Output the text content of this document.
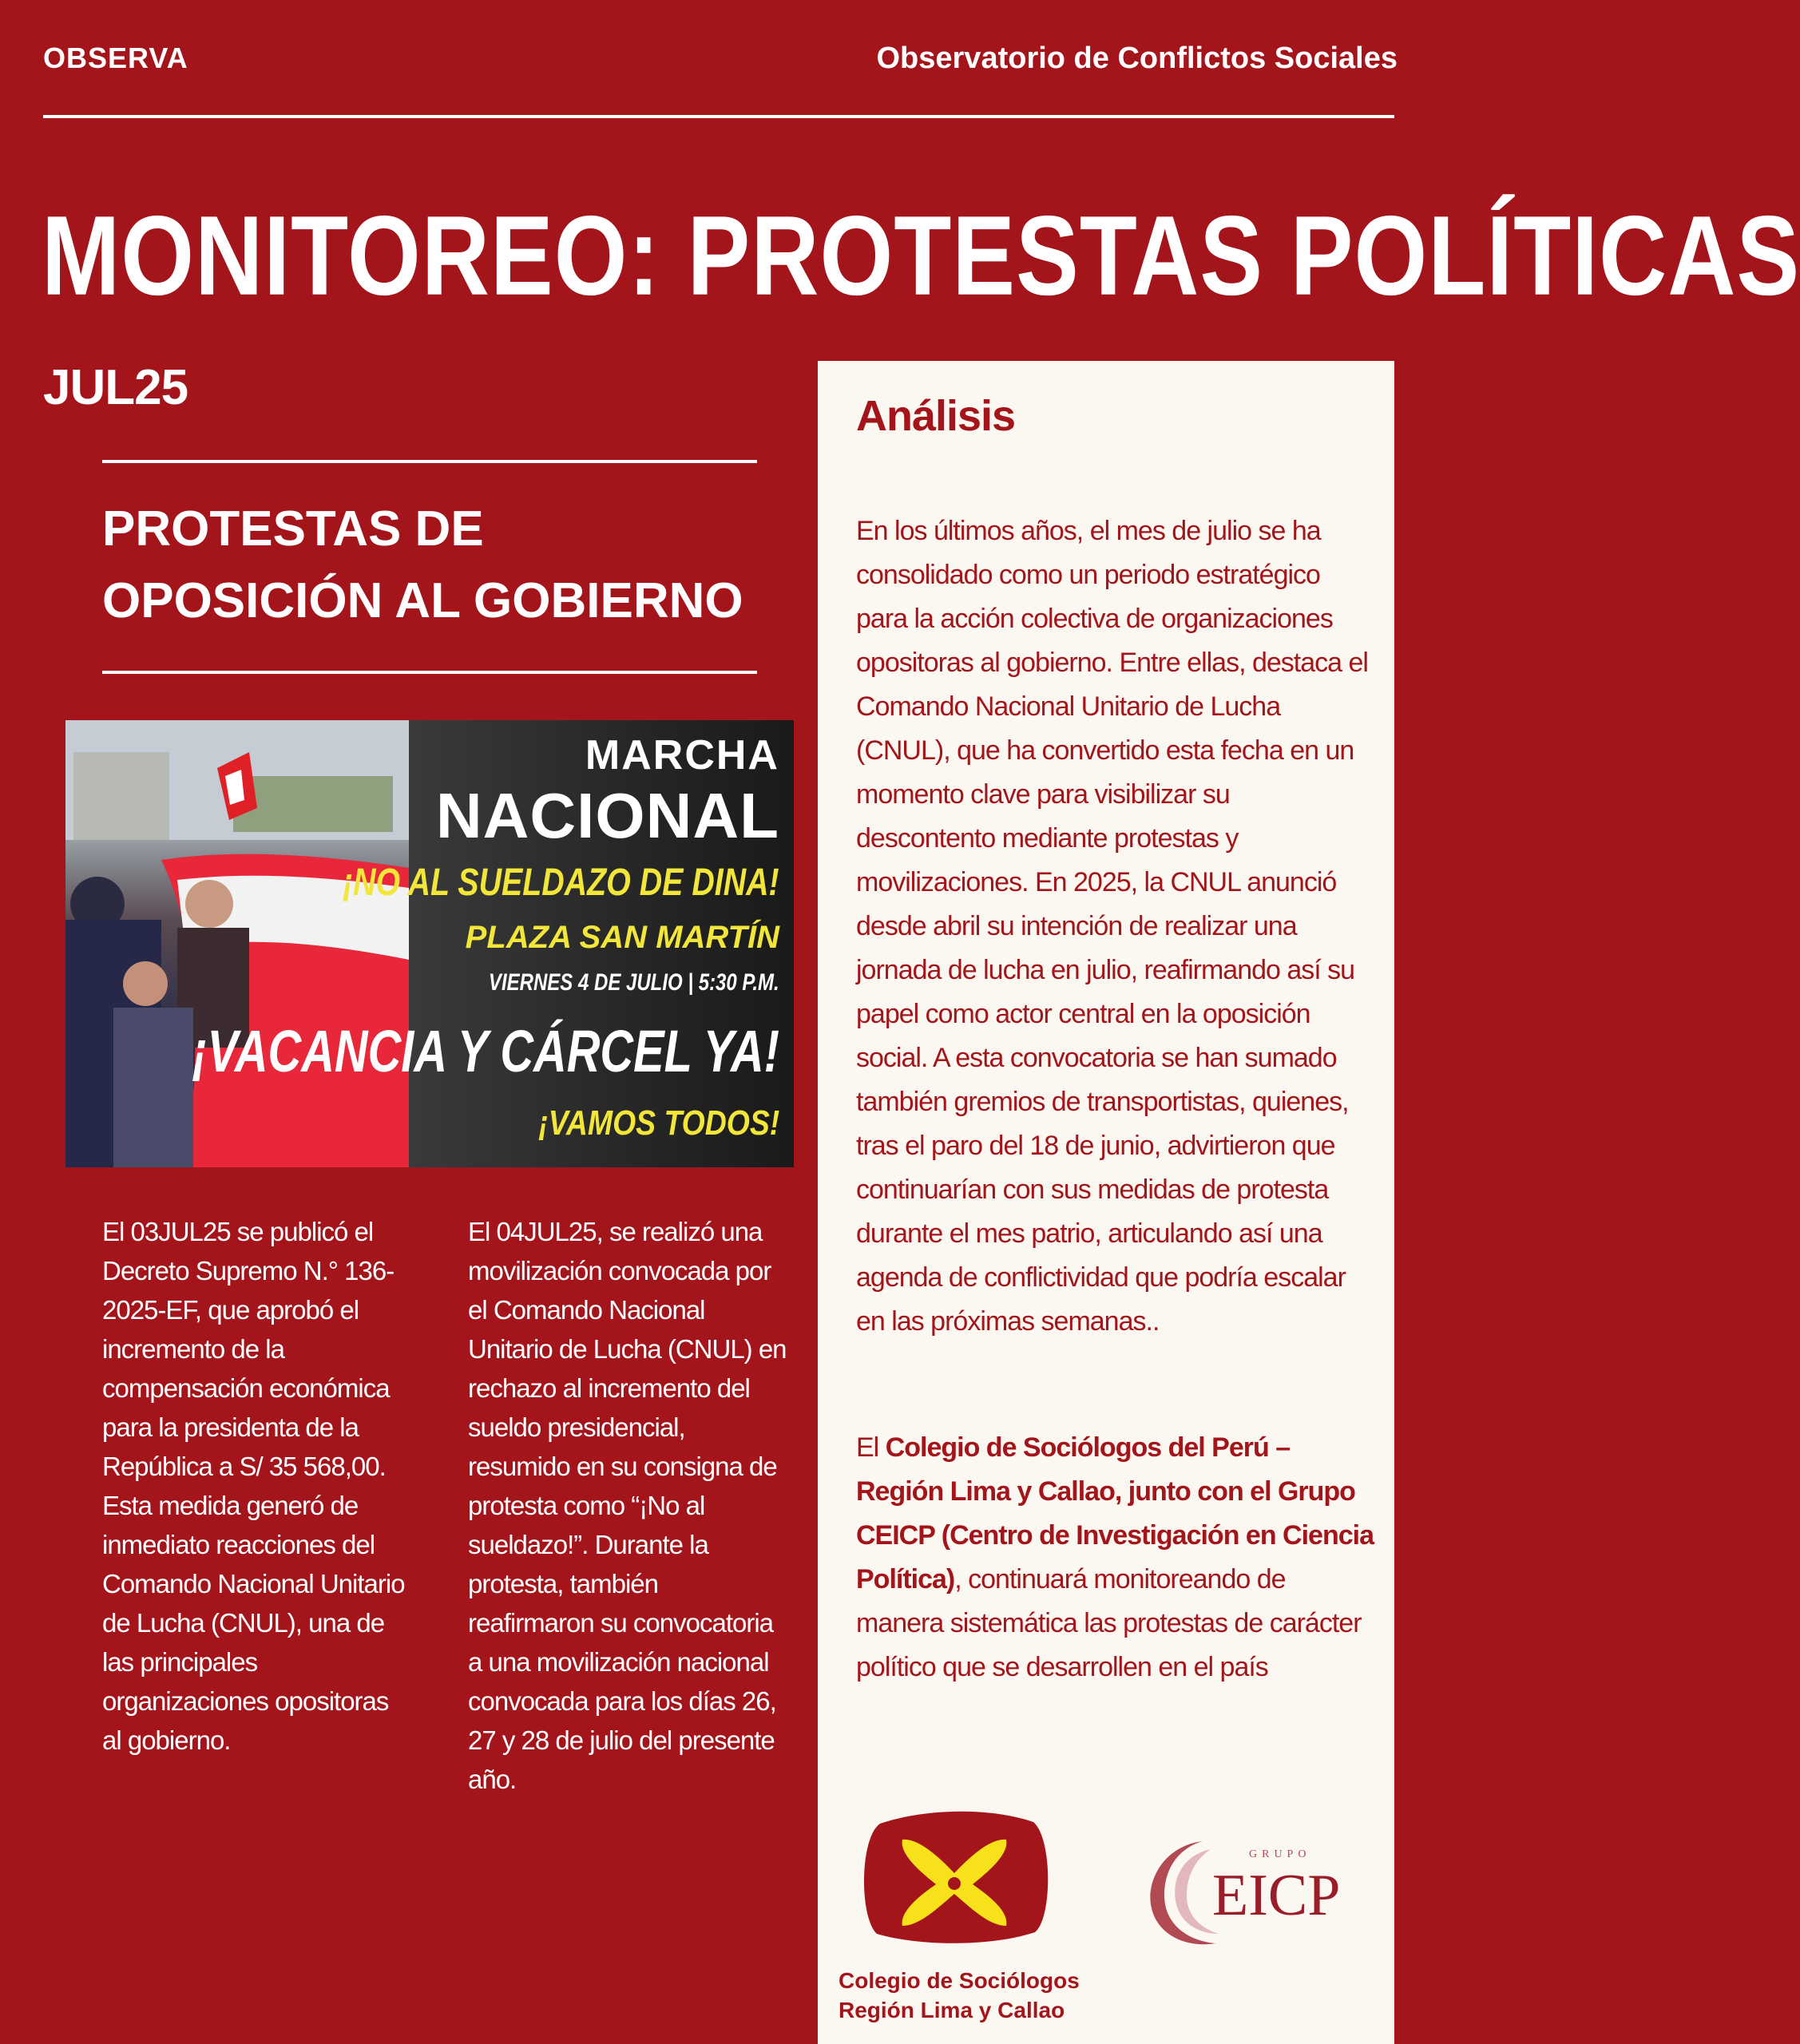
OBSERVA	Observatorio de Conflictos Sociales
MONITOREO: PROTESTAS POLÍTICAS
JUL25
PROTESTAS DE
OPOSICIÓN AL GOBIERNO
MARCHA
NACIONAL
¡NO AL SUELDAZO DE DINA!
PLAZA SAN MARTÍN
VIERNES 4 DE JULIO | 5:30 P.M.
¡VACANCIA Y CÁRCEL YA!
¡VAMOS TODOS!
El 03JUL25 se publicó el Decreto Supremo N.° 136-2025-EF, que aprobó el incremento de la compensación económica para la presidenta de la República a S/ 35 568,00. Esta medida generó de inmediato reacciones del Comando Nacional Unitario de Lucha (CNUL), una de las principales organizaciones opositoras al gobierno.
El 04JUL25, se realizó una movilización convocada por el Comando Nacional Unitario de Lucha (CNUL) en rechazo al incremento del sueldo presidencial, resumido en su consigna de protesta como “¡No al sueldazo!”. Durante la protesta, también reafirmaron su convocatoria a una movilización nacional convocada para los días 26, 27 y 28 de julio del presente año.
Análisis
En los últimos años, el mes de julio se ha consolidado como un periodo estratégico para la acción colectiva de organizaciones opositoras al gobierno. Entre ellas, destaca el Comando Nacional Unitario de Lucha (CNUL), que ha convertido esta fecha en un momento clave para visibilizar su descontento mediante protestas y movilizaciones. En 2025, la CNUL anunció desde abril su intención de realizar una jornada de lucha en julio, reafirmando así su papel como actor central en la oposición social. A esta convocatoria se han sumado también gremios de transportistas, quienes, tras el paro del 18 de junio, advirtieron que continuarían con sus medidas de protesta durante el mes patrio, articulando así una agenda de conflictividad que podría escalar en las próximas semanas..
El Colegio de Sociólogos del Perú – Región Lima y Callao, junto con el Grupo CEICP (Centro de Investigación en Ciencia Política), continuará monitoreando de manera sistemática las protestas de carácter político que se desarrollen en el país
Colegio de Sociólogos
Región Lima y Callao
GRUPO
EICP
